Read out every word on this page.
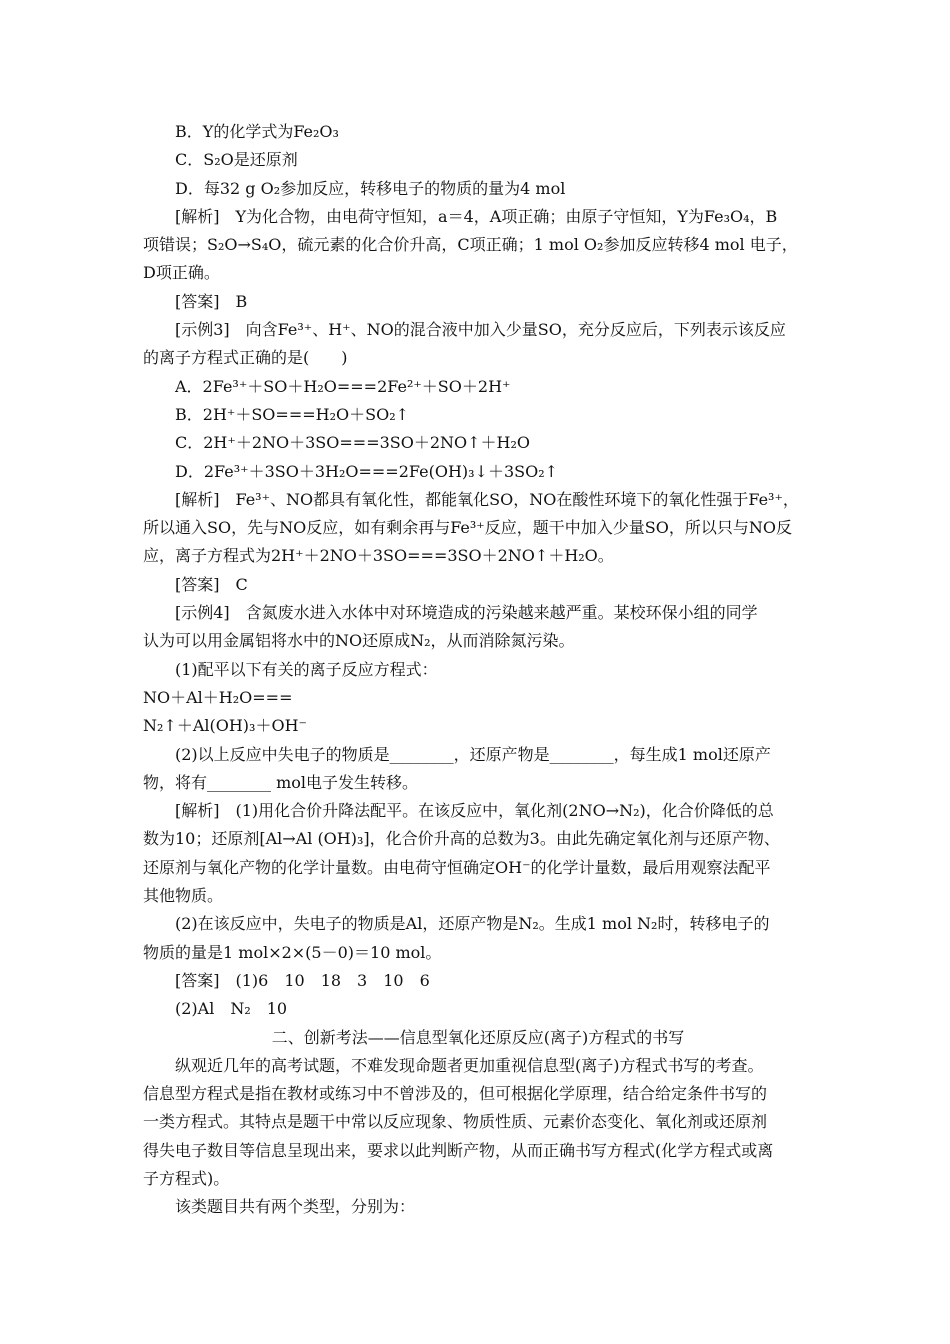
B．Y的化学式为Fe₂O₃
C．S₂O是还原剂
D．每32 g O₂参加反应，转移电子的物质的量为4 mol
[解析]　Y为化合物，由电荷守恒知，a＝4，A项正确；由原子守恒知，Y为Fe₃O₄，B
项错误；S₂O→S₄O，硫元素的化合价升高，C项正确；1 mol O₂参加反应转移4 mol 电子，
D项正确。
[答案]　B
[示例3]　向含Fe³⁺、H⁺、NO的混合液中加入少量SO，充分反应后，下列表示该反应
的离子方程式正确的是(　　)
A．2Fe³⁺＋SO＋H₂O===2Fe²⁺＋SO＋2H⁺
B．2H⁺＋SO===H₂O＋SO₂↑
C．2H⁺＋2NO＋3SO===3SO＋2NO↑＋H₂O
D．2Fe³⁺＋3SO＋3H₂O===2Fe(OH)₃↓＋3SO₂↑
[解析]　Fe³⁺、NO都具有氧化性，都能氧化SO，NO在酸性环境下的氧化性强于Fe³⁺，
所以通入SO，先与NO反应，如有剩余再与Fe³⁺反应，题干中加入少量SO，所以只与NO反
应，离子方程式为2H⁺＋2NO＋3SO===3SO＋2NO↑＋H₂O。
[答案]　C
[示例4]　含氮废水进入水体中对环境造成的污染越来越严重。某校环保小组的同学
认为可以用金属铝将水中的NO还原成N₂，从而消除氮污染。
(1)配平以下有关的离子反应方程式：
NO＋Al＋H₂O===
N₂↑＋Al(OH)₃＋OH⁻
(2)以上反应中失电子的物质是________，还原产物是________，每生成1 mol还原产
物，将有________ mol电子发生转移。
[解析]　(1)用化合价升降法配平。在该反应中，氧化剂(2NO→N₂)，化合价降低的总
数为10；还原剂[Al→Al (OH)₃]，化合价升高的总数为3。由此先确定氧化剂与还原产物、
还原剂与氧化产物的化学计量数。由电荷守恒确定OH⁻的化学计量数，最后用观察法配平
其他物质。
(2)在该反应中，失电子的物质是Al，还原产物是N₂。生成1 mol N₂时，转移电子的
物质的量是1 mol×2×(5－0)＝10 mol。
[答案]　(1)6　10　18　3　10　6
(2)Al　N₂　10
二、创新考法——信息型氧化还原反应(离子)方程式的书写
纵观近几年的高考试题，不难发现命题者更加重视信息型(离子)方程式书写的考查。
信息型方程式是指在教材或练习中不曾涉及的，但可根据化学原理，结合给定条件书写的
一类方程式。其特点是题干中常以反应现象、物质性质、元素价态变化、氧化剂或还原剂
得失电子数目等信息呈现出来，要求以此判断产物，从而正确书写方程式(化学方程式或离
子方程式)。
该类题目共有两个类型，分别为：
